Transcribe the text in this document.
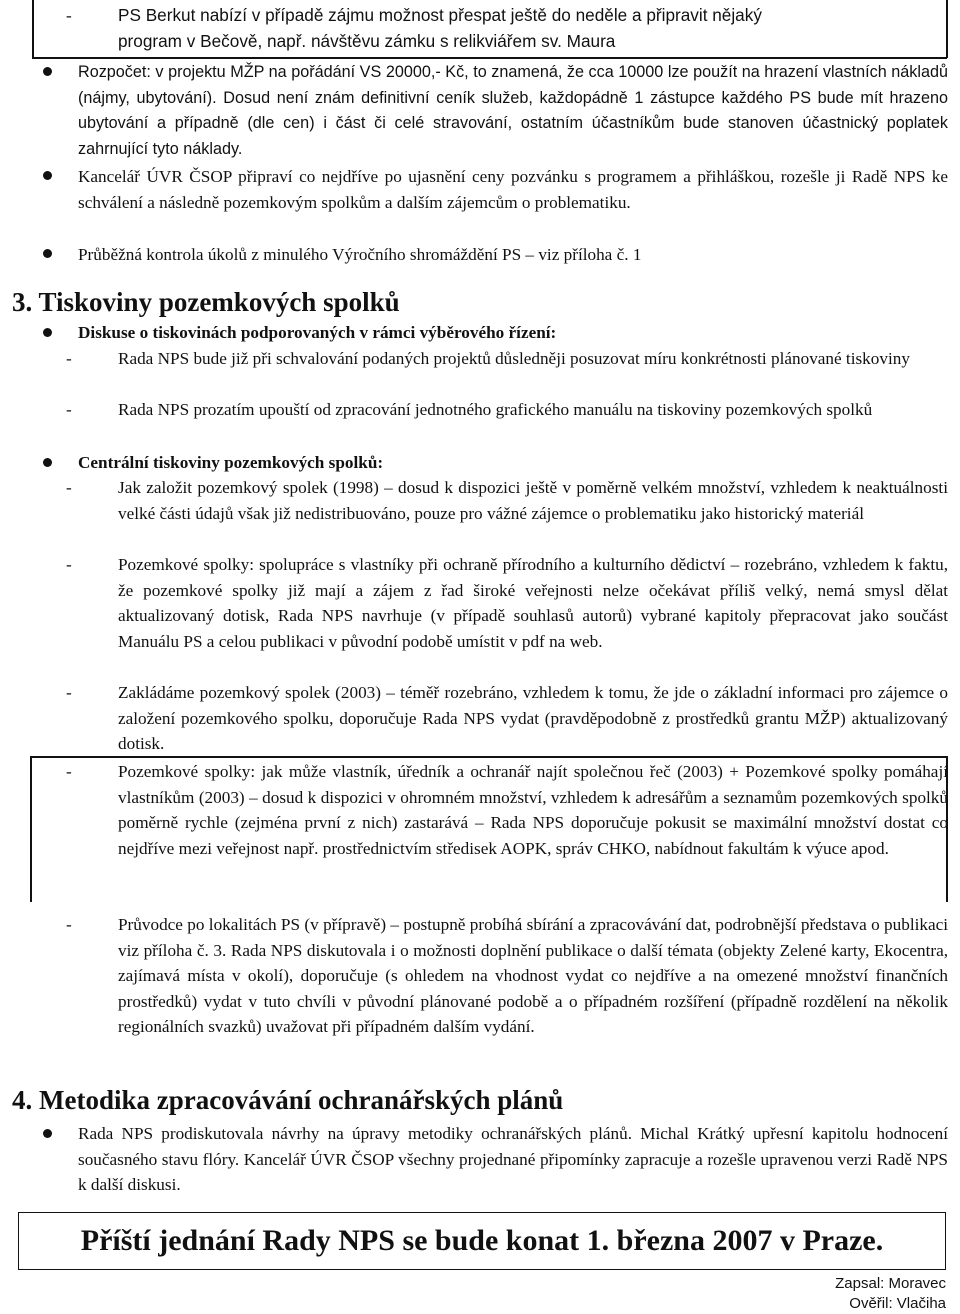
-	PS Berkut nabízí v případě zájmu možnost přespat ještě do neděle a připravit nějaký
program v Bečově, např. návštěvu zámku s relikviářem sv. Maura
Rozpočet: v projektu MŽP na pořádání VS 20000,- Kč, to znamená, že cca 10000 lze použít na hrazení vlastních nákladů (nájmy, ubytování). Dosud není znám definitivní ceník služeb, každopádně 1 zástupce každého PS bude mít hrazeno ubytování a případně (dle cen) i část či celé stravování, ostatním účastníkům bude stanoven účastnický poplatek zahrnující tyto náklady.
Kancelář ÚVR ČSOP připraví co nejdříve po ujasnění ceny pozvánku s programem a přihláškou, rozešle ji Radě NPS ke schválení a následně pozemkovým spolkům a dalším zájemcům o problematiku.
Průběžná kontrola úkolů z minulého Výročního shromáždění PS – viz příloha č. 1
3. Tiskoviny pozemkových spolků
Diskuse o tiskovinách podporovaných v rámci výběrového řízení:
-	Rada NPS bude již při schvalování podaných projektů důsledněji posuzovat míru konkrétnosti plánované tiskoviny
-	Rada NPS prozatím upouští od zpracování jednotného grafického manuálu na tiskoviny pozemkových spolků
Centrální tiskoviny pozemkových spolků:
-	Jak založit pozemkový spolek (1998) – dosud k dispozici ještě v poměrně velkém množství, vzhledem k neaktuálnosti velké části údajů však již nedistribuováno, pouze pro vážné zájemce o problematiku jako historický materiál
-	Pozemkové spolky: spolupráce s vlastníky při ochraně přírodního a kulturního dědictví – rozebráno, vzhledem k faktu, že pozemkové spolky již mají a zájem z řad široké veřejnosti nelze očekávat příliš velký, nemá smysl dělat aktualizovaný dotisk, Rada NPS navrhuje (v případě souhlasů autorů) vybrané kapitoly přepracovat jako součást Manuálu PS a celou publikaci v původní podobě umístit v pdf na web.
-	Zakládáme pozemkový spolek (2003) – téměř rozebráno, vzhledem k tomu, že jde o základní informaci pro zájemce o založení pozemkového spolku, doporučuje Rada NPS vydat (pravděpodobně z prostředků grantu MŽP) aktualizovaný dotisk.
-	Pozemkové spolky: jak může vlastník, úředník a ochranář najít společnou řeč (2003) + Pozemkové spolky pomáhají vlastníkům (2003) – dosud k dispozici v ohromném množství, vzhledem k adresářům a seznamům pozemkových spolků poměrně rychle (zejména první z nich) zastarává – Rada NPS doporučuje pokusit se maximální množství dostat co nejdříve mezi veřejnost např. prostřednictvím středisek AOPK, správ CHKO, nabídnout fakultám k výuce apod.
-	Průvodce po lokalitách PS (v přípravě) – postupně probíhá sbírání a zpracovávání dat, podrobnější představa o publikaci viz příloha č. 3. Rada NPS diskutovala i o možnosti doplnění publikace o další témata (objekty Zelené karty, Ekocentra, zajímavá místa v okolí), doporučuje (s ohledem na vhodnost vydat co nejdříve a na omezené množství finančních prostředků) vydat v tuto chvíli v původní plánované podobě a o případném rozšíření (případně rozdělení na několik regionálních svazků) uvažovat při případném dalším vydání.
4. Metodika zpracovávání ochranářských plánů
Rada NPS prodiskutovala návrhy na úpravy metodiky ochranářských plánů. Michal Krátký upřesní kapitolu hodnocení současného stavu flóry. Kancelář ÚVR ČSOP všechny projednané připomínky zapracuje a rozešle upravenou verzi Radě NPS k další diskusi.
Příští jednání Rady NPS se bude konat 1. března 2007 v Praze.
Zapsal: Moravec
Ověřil: Vlačiha
